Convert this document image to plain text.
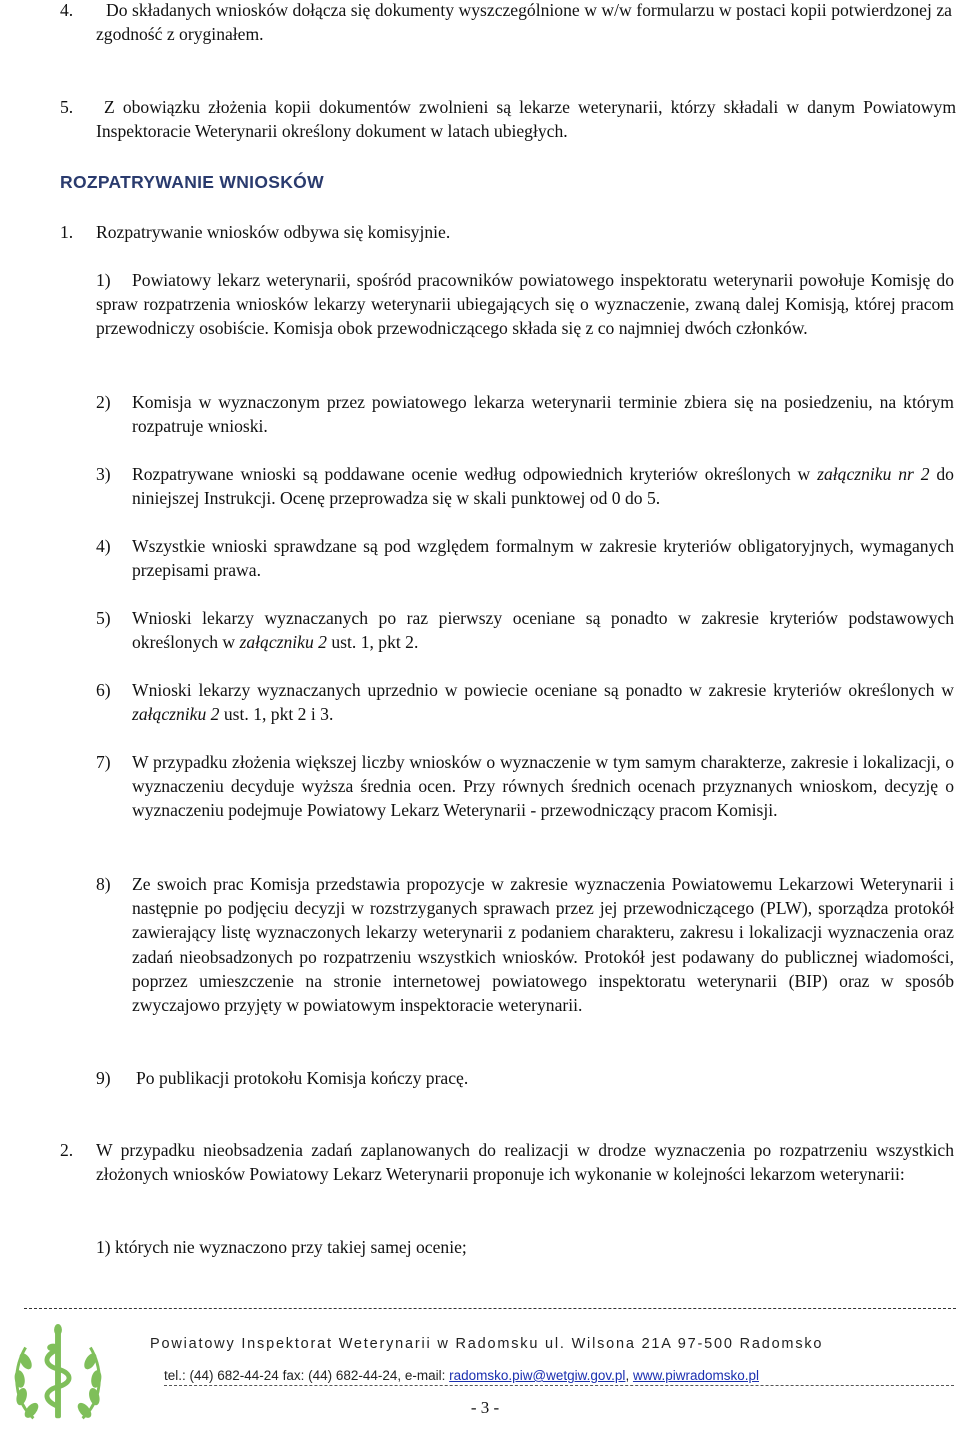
4.	Do składanych wniosków dołącza się dokumenty wyszczególnione w w/w formularzu w postaci kopii potwierdzonej za zgodność z oryginałem.

5.	Z obowiązku złożenia kopii dokumentów zwolnieni są lekarze weterynarii, którzy składali w danym Powiatowym Inspektoracie Weterynarii określony dokument w latach ubiegłych.

ROZPATRYWANIE WNIOSKÓW
1. Rozpatrywanie wniosków odbywa się komisyjnie.

1)	Powiatowy lekarz weterynarii, spośród pracowników powiatowego inspektoratu weterynarii powołuje Komisję do spraw rozpatrzenia wniosków lekarzy weterynarii ubiegających się o wyznaczenie, zwaną dalej Komisją, której pracom przewodniczy osobiście. Komisja obok przewodniczącego składa się z co najmniej dwóch członków.

2) Komisja w wyznaczonym przez powiatowego lekarza weterynarii terminie zbiera się na posiedzeniu, na którym rozpatruje wnioski.

3) Rozpatrywane wnioski są poddawane ocenie według odpowiednich kryteriów określonych w załączniku nr 2 do niniejszej Instrukcji. Ocenę przeprowadza się w skali punktowej od 0 do 5.

4) Wszystkie wnioski sprawdzane są pod względem formalnym w zakresie kryteriów obligatoryjnych, wymaganych przepisami prawa.

5) Wnioski lekarzy wyznaczanych po raz pierwszy oceniane są ponadto w zakresie kryteriów podstawowych określonych w załączniku 2 ust. 1, pkt 2.

6) Wnioski lekarzy wyznaczanych uprzednio w powiecie oceniane są ponadto w zakresie kryteriów określonych w załączniku 2 ust. 1, pkt 2 i 3.

7) W przypadku złożenia większej liczby wniosków o wyznaczenie w tym samym charakterze, zakresie i lokalizacji, o wyznaczeniu decyduje wyższa średnia ocen. Przy równych średnich ocenach przyznanych wnioskom, decyzję o wyznaczeniu podejmuje Powiatowy Lekarz Weterynarii - przewodniczący pracom Komisji.

8) Ze swoich prac Komisja przedstawia propozycje w zakresie wyznaczenia Powiatowemu Lekarzowi Weterynarii i następnie po podjęciu decyzji w rozstrzyganych sprawach przez jej przewodniczącego (PLW), sporządza protokół zawierający listę wyznaczonych lekarzy weterynarii z podaniem charakteru, zakresu i lokalizacji wyznaczenia oraz zadań nieobsadzonych po rozpatrzeniu wszystkich wniosków. Protokół jest podawany do publicznej wiadomości, poprzez umieszczenie na stronie internetowej powiatowego inspektoratu weterynarii (BIP) oraz w sposób zwyczajowo przyjęty w powiatowym inspektoracie weterynarii.

9) Po publikacji protokołu Komisja kończy pracę.

2. W przypadku nieobsadzenia zadań zaplanowanych do realizacji w drodze wyznaczenia po rozpatrzeniu wszystkich złożonych wniosków Powiatowy Lekarz Weterynarii proponuje ich wykonanie w kolejności lekarzom weterynarii:

1) których nie wyznaczono przy takiej samej ocenie;

Powiatowy Inspektorat Weterynarii w Radomsku ul. Wilsona 21A 97-500 Radomsko
tel.: (44) 682-44-24 fax: (44) 682-44-24, e-mail: radomsko.piw@wetgiw.gov.pl, www.piwradomsko.pl
- 3 -
